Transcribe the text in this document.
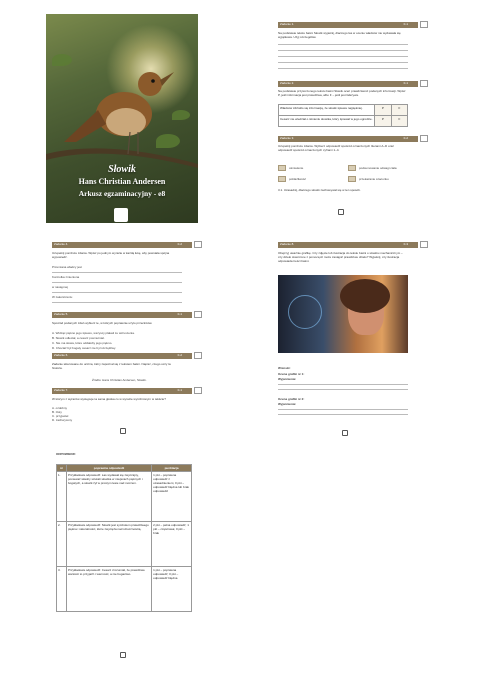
Słowik
Hans Christian Andersen
Arkusz egzaminacyjny - e8
Zadanie 1.	0-1
Na podstawie tekstu baśni Słowik wyjaśnij, dlaczego las w ocenie władców nie wydawała się wyjątkowa. Użyj szczegółów.
Zadanie 2.	0-1
Na podstawie przytoczonego tekstu baśni Słowik oceń prawdziwość podanych informacji. Wpisz P, jeśli informacja jest prawdziwa, albo F – jeśli jest fałszywa.
Władców zdziwiło się informacją, że słowik śpiewa najpiękniej.	P	F
Cesarz nie wiedział o istnieniu słowika, który śpiewał w jego ogrodzie.	P	F
Zadanie 3.	0-2
Uzupełnij poniższe zdania. Wybierz odpowiedź spośród oznaczonych literami A–D oraz odpowiedź spośród oznaczonych cyframi 1–4.
ośmielenie	podsumowanie odwagi ciała
pobłażliwość	przekazanie szacunku
3.1. Uzasadnij, dlaczego słowik zachowywał się w ten sposób.
Zadanie 4.	0-2
Uzupełnij poniższe zdania. Wpisz po jednym wyrazie w każdą lukę, aby powstała spójna wypowiedź.
Przemiana władcy jest
Kontrolka zmieniona
w następnej
W zakończeniu
Zadanie 5.	0-1
Spośród podanych zdań wybierz te, w których poprawnie użyto przecinków.
A. Widząc piękno jego śpiewu, wszyscy płakali ze wzruszenia.
B. Słowik odleciał, a cesarz posmutniał.
C. Nie ma słowa, które oddałoby jego piękno.
D. Chociaż był bogaty cesarz nie był szczęśliwy.
Zadanie 6.	0-2
Zadanie skierowane do ucznia, który zapoznał się z tekstem baśni. Napisz, czego uczy ta historia.
Źródło: Hans Christian Andersen, Słowik.
Zadanie 7.	0-1
W którym z wyrazów występuje ta sama głoska co w wyrazie wyróżnionym w tekście?
A. ozdobny
B. złoty
C. przyjaciel
D. zachwycony
Zadanie 8.	0-3
Obejrzyj uważnie grafikę. Czy zdjęcie lub ilustracja do tekstu baśni o słowiku mechanicznym – czy dzieło stworzone z pomocą AI może zastąpić prawdziwe dzieło? Wyjaśnij, czy ilustracja odpowiada treści baśni.
Wnioski:
Ocena grafiki nr 1:
Wyjaśnienie:
Ocena grafiki nr 2:
Wyjaśnienie:
ODPOWIEDZI
nr	poprawna odpowiedź	punktacja
1.	Przykładowa odpowiedź: Las wydawał się zwyczajny, ponieważ władcy szukali słowika w miejscach pięknych i bogatych, a słowik żył w prostym lesie nad morzem.	1 pkt – poprawna odpowiedź z uzasadnieniem; 0 pkt – odpowiedź błędna lub brak odpowiedzi
2.	Przykładowa odpowiedź: Słowik jest symbolem prawdziwego piękna i naturalności, które zwycięża nad sztucznością.	2 pkt – pełna odpowiedź; 1 pkt – częściowa; 0 pkt – brak
3.	Przykładowa odpowiedź: Cesarz zrozumiał, że prawdziwe wartości to przyjaźń i wierność, a nie bogactwo.	1 pkt – poprawna odpowiedź; 0 pkt – odpowiedź błędna
